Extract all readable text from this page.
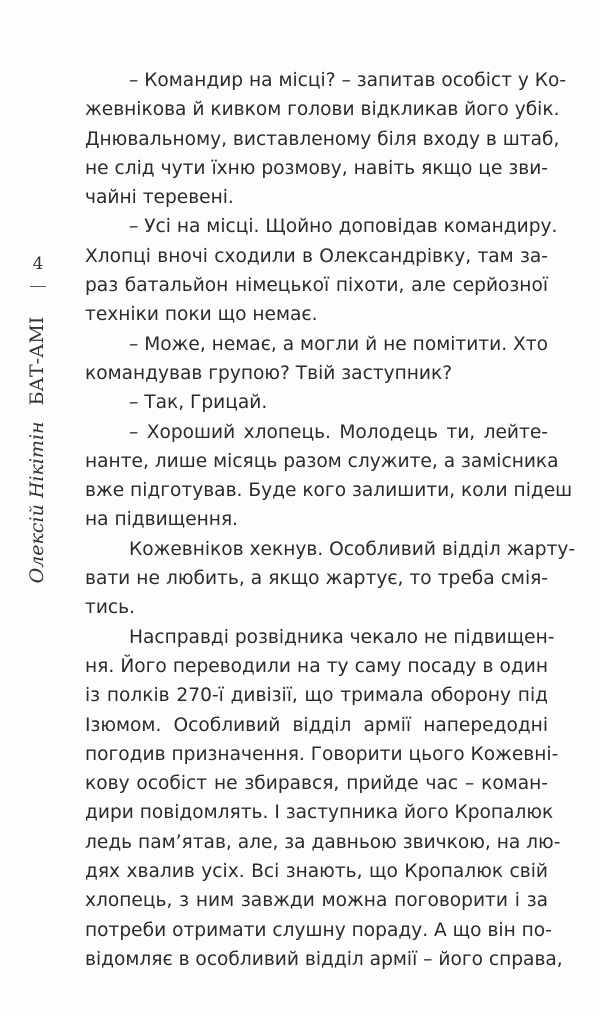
4
Олексій Нікітін БАТ-АМІ
– Командир на місці? – запитав особіст у Ко-
жевнікова й кивком голови відкликав його убік.
Днювальному, виставленому біля входу в штаб,
не слід чути їхню розмову, навіть якщо це зви-
чайні теревені.
– Усі на місці. Щойно доповідав командиру.
Хлопці вночі сходили в Олександрівку, там за-
раз батальйон німецької піхоти, але серйозної
техніки поки що немає.
– Може, немає, а могли й не помітити. Хто
командував групою? Твій заступник?
– Так, Грицай.
– Хороший хлопець. Молодець ти, лейте-
нанте, лише місяць разом служите, а замісника
вже підготував. Буде кого залишити, коли підеш
на підвищення.
Кожевніков хекнув. Особливий відділ жарту-
вати не любить, а якщо жартує, то треба смія-
тись.
Насправді розвідника чекало не підвищен-
ня. Його переводили на ту саму посаду в один
із полків 270-ї дивізії, що тримала оборону під
Ізюмом. Особливий відділ армії напередодні
погодив призначення. Говорити цього Кожевні-
кову особіст не збирався, прийде час – коман-
дири повідомлять. І заступника його Кропалюк
ледь пам’ятав, але, за давньою звичкою, на лю-
дях хвалив усіх. Всі знають, що Кропалюк свій
хлопець, з ним завжди можна поговорити і за
потреби отримати слушну пораду. А що він по-
відомляє в особливий відділ армії – його справа,
